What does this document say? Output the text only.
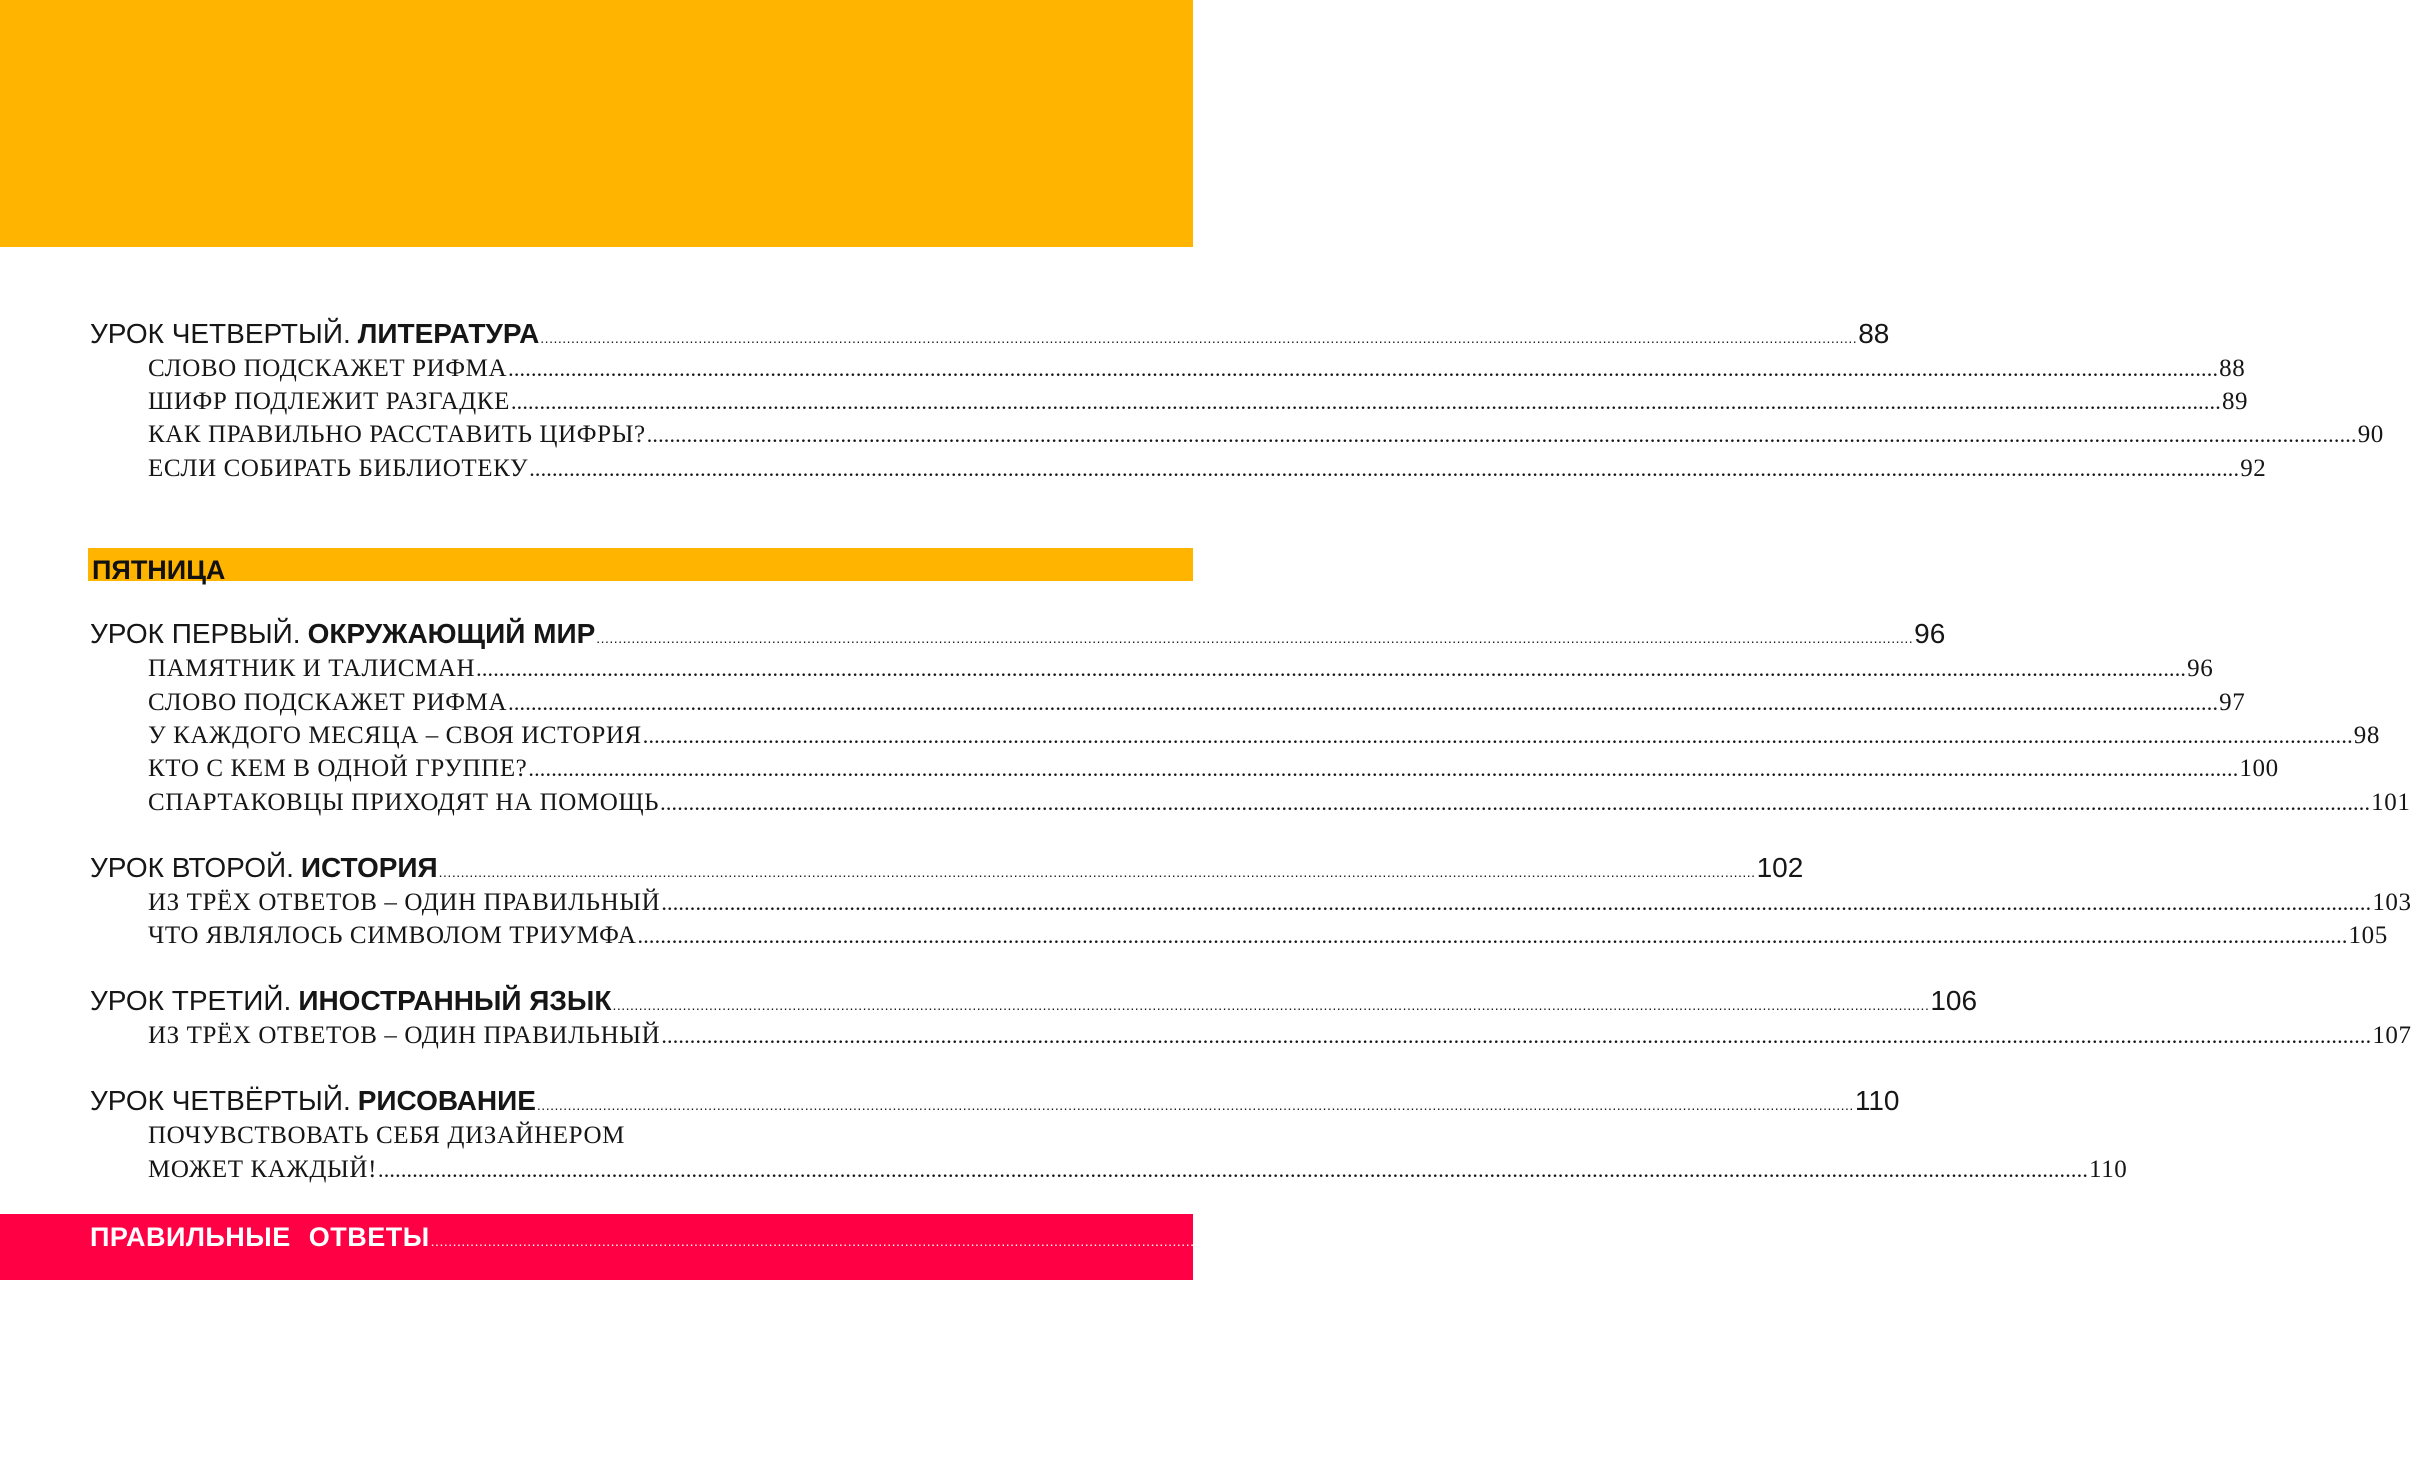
УРОК ЧЕТВЕРТЫЙ. ЛИТЕРАТУРА ............................................................................................................................................................................................................................................................................................................ 88
СЛОВО ПОДСКАЖЕТ РИФМА ............................................................................................................................................................................................................................................................................................................ 88
ШИФР ПОДЛЕЖИТ РАЗГАДКЕ ............................................................................................................................................................................................................................................................................................................ 89
КАК ПРАВИЛЬНО РАССТАВИТЬ ЦИФРЫ? ............................................................................................................................................................................................................................................................................................................ 90
ЕСЛИ СОБИРАТЬ БИБЛИОТЕКУ ............................................................................................................................................................................................................................................................................................................ 92
ПЯТНИЦА
УРОК ПЕРВЫЙ. ОКРУЖАЮЩИЙ МИР ............................................................................................................................................................................................................................................................................................................ 96
ПАМЯТНИК И ТАЛИСМАН ............................................................................................................................................................................................................................................................................................................ 96
СЛОВО ПОДСКАЖЕТ РИФМА ............................................................................................................................................................................................................................................................................................................ 97
У КАЖДОГО МЕСЯЦА – СВОЯ ИСТОРИЯ ............................................................................................................................................................................................................................................................................................................ 98
КТО С КЕМ В ОДНОЙ ГРУППЕ? ............................................................................................................................................................................................................................................................................................................ 100
СПАРТАКОВЦЫ ПРИХОДЯТ НА ПОМОЩЬ ............................................................................................................................................................................................................................................................................................................ 101
УРОК ВТОРОЙ. ИСТОРИЯ ............................................................................................................................................................................................................................................................................................................ 102
ИЗ ТРЁХ ОТВЕТОВ – ОДИН ПРАВИЛЬНЫЙ ............................................................................................................................................................................................................................................................................................................ 103
ЧТО ЯВЛЯЛОСЬ СИМВОЛОМ ТРИУМФА ............................................................................................................................................................................................................................................................................................................ 105
УРОК ТРЕТИЙ. ИНОСТРАННЫЙ ЯЗЫК ............................................................................................................................................................................................................................................................................................................ 106
ИЗ ТРЁХ ОТВЕТОВ – ОДИН ПРАВИЛЬНЫЙ ............................................................................................................................................................................................................................................................................................................ 107
УРОК ЧЕТВЁРТЫЙ. РИСОВАНИЕ ............................................................................................................................................................................................................................................................................................................ 110
ПОЧУВСТВОВАТЬ СЕБЯ ДИЗАЙНЕРОМ
МОЖЕТ КАЖДЫЙ! ............................................................................................................................................................................................................................................................................................................ 110
ПРАВИЛЬНЫЕ ОТВЕТЫ ............................................................................................................................................................................................................................................................................................................ 117
